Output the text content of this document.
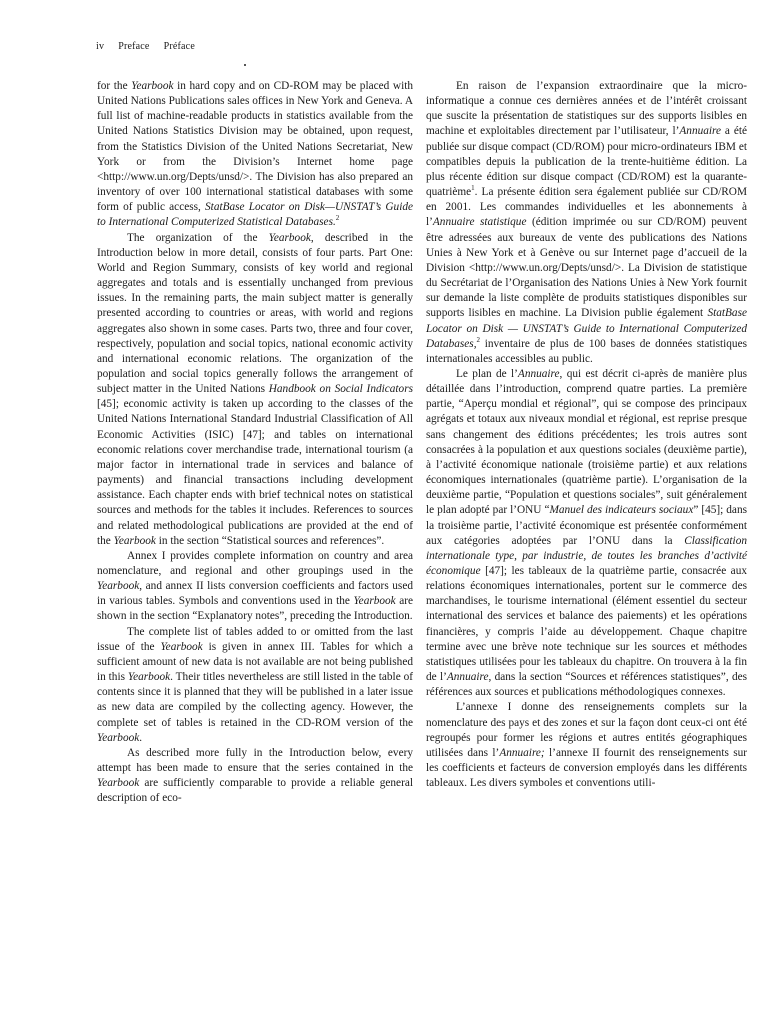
iv Preface Préface

for the Yearbook in hard copy and on CD-ROM may be placed with United Nations Publications sales offices in New York and Geneva. A full list of machine-readable products in statistics available from the United Nations Statistics Division may be obtained, upon request, from the Statistics Division of the United Nations Secretariat, New York or from the Division’s Internet home page <http://www.un.org/Depts/unsd/>. The Division has also prepared an inventory of over 100 international statistical databases with some form of public access, StatBase Locator on Disk—UNSTAT’s Guide to International Computerized Statistical Databases.$^2$

The organization of the Yearbook, described in the Introduction below in more detail, consists of four parts. Part One: World and Region Summary, consists of key world and regional aggregates and totals and is essentially unchanged from previous issues. In the remaining parts, the main subject matter is generally presented according to countries or areas, with world and regions aggregates also shown in some cases. Parts two, three and four cover, respectively, population and social topics, national economic activity and international economic relations. The organization of the population and social topics generally follows the arrangement of subject matter in the United Nations Handbook on Social Indicators [45]; economic activity is taken up according to the classes of the United Nations International Standard Industrial Classification of All Economic Activities (ISIC) [47]; and tables on international economic relations cover merchandise trade, international tourism (a major factor in international trade in services and balance of payments) and financial transactions including development assistance. Each chapter ends with brief technical notes on statistical sources and methods for the tables it includes. References to sources and related methodological publications are provided at the end of the Yearbook in the section “Statistical sources and references”.

Annex I provides complete information on country and area nomenclature, and regional and other groupings used in the Yearbook, and annex II lists conversion coefficients and factors used in various tables. Symbols and conventions used in the Yearbook are shown in the section “Explanatory notes”, preceding the Introduction.

The complete list of tables added to or omitted from the last issue of the Yearbook is given in annex III. Tables for which a sufficient amount of new data is not available are not being published in this Yearbook. Their titles nevertheless are still listed in the table of contents since it is planned that they will be published in a later issue as new data are compiled by the collecting agency. However, the complete set of tables is retained in the CD-ROM version of the Yearbook.

As described more fully in the Introduction below, every attempt has been made to ensure that the series contained in the Yearbook are sufficiently comparable to provide a reliable general description of eco-

En raison de l’expansion extraordinaire que la micro-informatique a connue ces dernières années et de l’intérêt croissant que suscite la présentation de statistiques sur des supports lisibles en machine et exploitables directement par l’utilisateur, l’Annuaire a été publiée sur disque compact (CD/ROM) pour micro-ordinateurs IBM et compatibles depuis la publication de la trente-huitième édition. La plus récente édition sur disque compact (CD/ROM) est la quarante-quatrième$^1$. La présente édition sera également publiée sur CD/ROM en 2001. Les commandes individuelles et les abonnements à l’Annuaire statistique (édition imprimée ou sur CD/ROM) peuvent être adressées aux bureaux de vente des publications des Nations Unies à New York et à Genève ou sur Internet page d’accueil de la Division <http://www.un.org/Depts/unsd/>. La Division de statistique du Secrétariat de l’Organisation des Nations Unies à New York fournit sur demande la liste complète de produits statistiques disponibles sur supports lisibles en machine. La Division publie également StatBase Locator on Disk — UNSTAT’s Guide to International Computerized Databases,$^2$ inventaire de plus de 100 bases de données statistiques internationales accessibles au public.

Le plan de l’Annuaire, qui est décrit ci-après de manière plus détaillée dans l’introduction, comprend quatre parties. La première partie, “Aperçu mondial et régional”, qui se compose des principaux agrégats et totaux aux niveaux mondial et régional, est reprise presque sans changement des éditions précédentes; les trois autres sont consacrées à la population et aux questions sociales (deuxième partie), à l’activité économique nationale (troisième partie) et aux relations économiques internationales (quatrième partie). L’organisation de la deuxième partie, “Population et questions sociales”, suit généralement le plan adopté par l’ONU “Manuel des indicateurs sociaux” [45]; dans la troisième partie, l’activité économique est présentée conformément aux catégories adoptées par l’ONU dans la Classification internationale type, par industrie, de toutes les branches d’activité économique [47]; les tableaux de la quatrième partie, consacrée aux relations économiques internationales, portent sur le commerce des marchandises, le tourisme international (élément essentiel du secteur international des services et balance des paiements) et les opérations financières, y compris l’aide au développement. Chaque chapitre termine avec une brève note technique sur les sources et méthodes statistiques utilisées pour les tableaux du chapitre. On trouvera à la fin de l’Annuaire, dans la section “Sources et références statistiques”, des références aux sources et publications méthodologiques connexes.

L’annexe I donne des renseignements complets sur la nomenclature des pays et des zones et sur la façon dont ceux-ci ont été regroupés pour former les régions et autres entités géographiques utilisées dans l’Annuaire; l’annexe II fournit des renseignements sur les coefficients et facteurs de conversion employés dans les différents tableaux. Les divers symboles et conventions utili-
